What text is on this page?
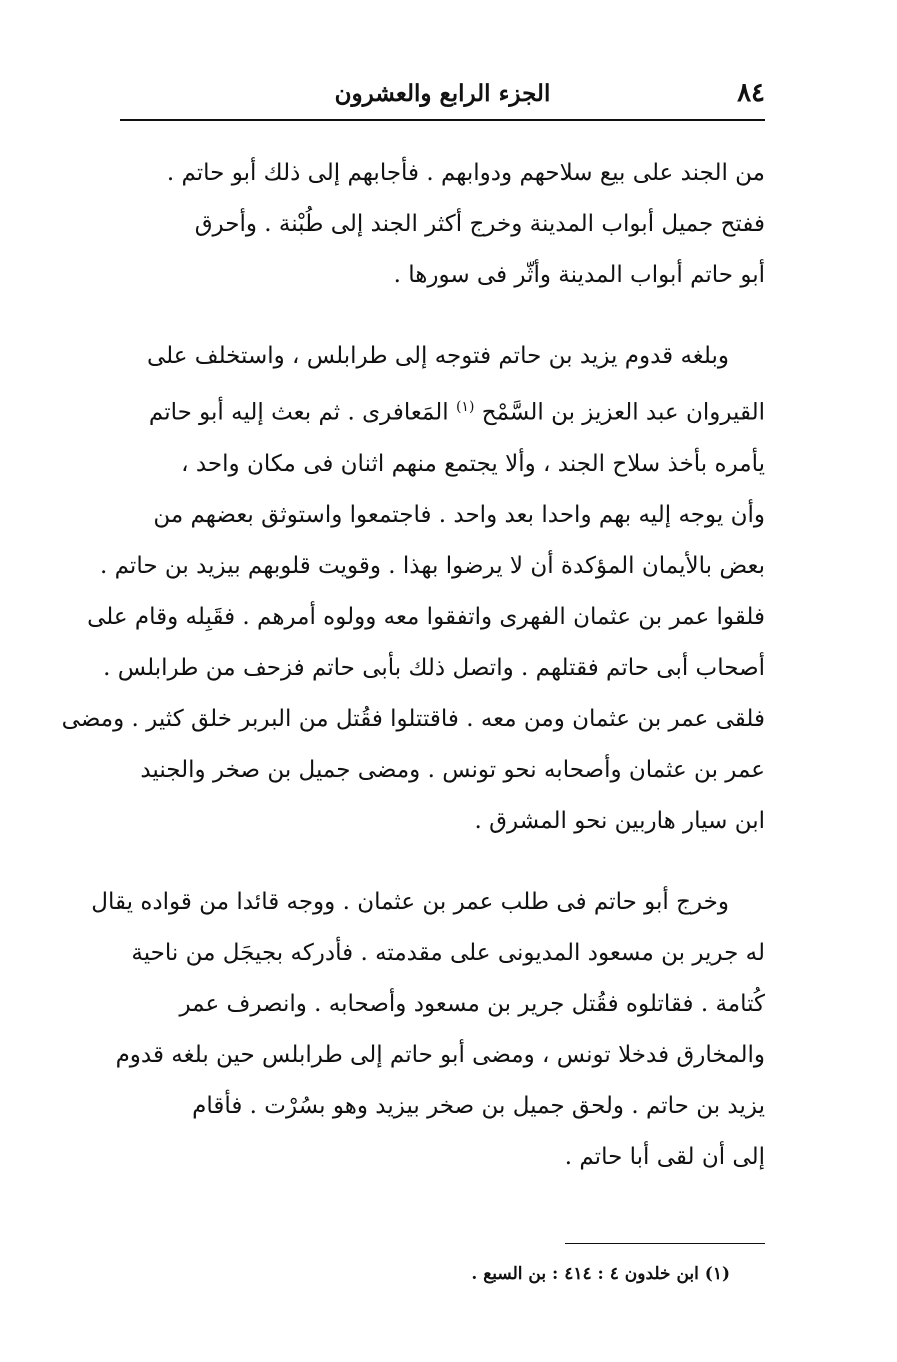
٨٤
الجزء الرابع والعشرون

من الجند على بيع سلاحهم ودوابهم . فأجابهم إلى ذلك أبو حاتم .

ففتح جميل أبواب المدينة وخرج أكثر الجند إلى طُبْنة . وأحرق

أبو حاتم أبواب المدينة وأثّر فى سورها .

وبلغه قدوم يزيد بن حاتم فتوجه إلى طرابلس ، واستخلف على

القيروان عبد العزيز بن السَّمْح $^{(١)}$ المَعافرى . ثم بعث إليه أبو حاتم

يأمره بأخذ سلاح الجند ، وألا يجتمع منهم اثنان فى مكان واحد ،

وأن يوجه إليه بهم واحدا بعد واحد . فاجتمعوا واستوثق بعضهم من

بعض بالأيمان المؤكدة أن لا يرضوا بهذا . وقويت قلوبهم بيزيد بن حاتم .

فلقوا عمر بن عثمان الفهرى واتفقوا معه وولوه أمرهم . فقَبِله وقام على

أصحاب أبى حاتم فقتلهم . واتصل ذلك بأبى حاتم فزحف من طرابلس .

فلقى عمر بن عثمان ومن معه . فاقتتلوا فقُتل من البربر خلق كثير . ومضى

عمر بن عثمان وأصحابه نحو تونس . ومضى جميل بن صخر والجنيد

ابن سيار هاربين نحو المشرق .

وخرج أبو حاتم فى طلب عمر بن عثمان . ووجه قائدا من قواده يقال

له جرير بن مسعود المديونى على مقدمته . فأدركه بجيجَل من ناحية

كُتامة . فقاتلوه فقُتل جرير بن مسعود وأصحابه . وانصرف عمر

والمخارق فدخلا تونس ، ومضى أبو حاتم إلى طرابلس حين بلغه قدوم

يزيد بن حاتم . ولحق جميل بن صخر بيزيد وهو بسُرْت . فأقام

إلى أن لقى أبا حاتم .

(١) ابن خلدون ٤ : ٤١٤ : بن السبع .
